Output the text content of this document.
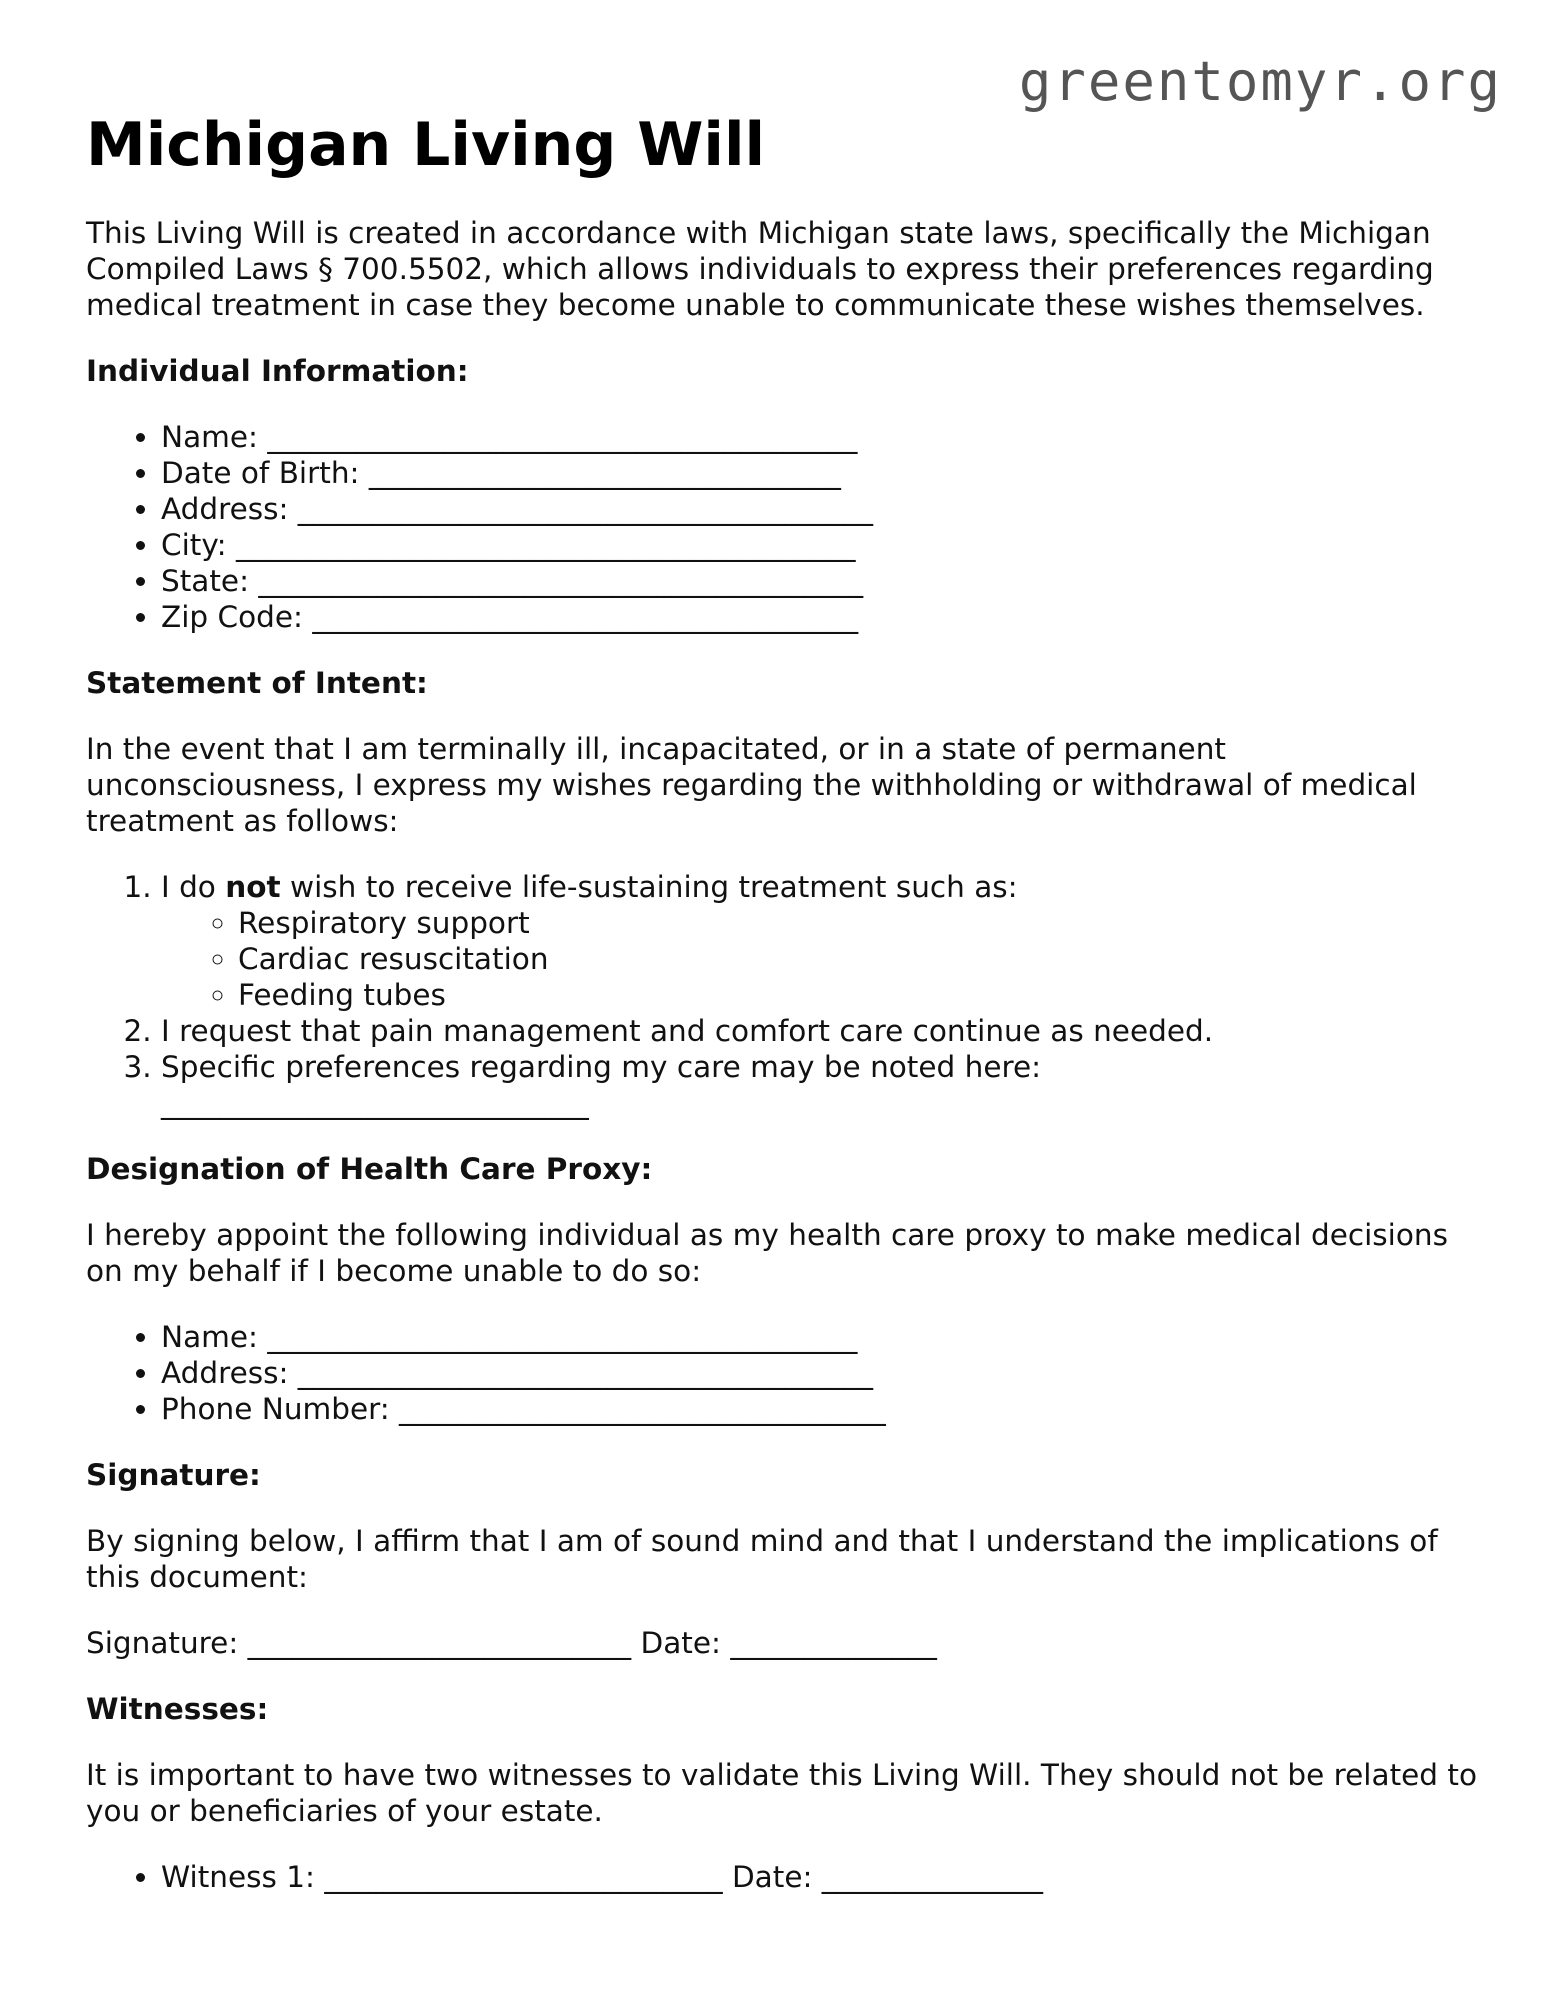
greentomyr.org
Michigan Living Will

This Living Will is created in accordance with Michigan state laws, specifically the Michigan Compiled Laws § 700.5502, which allows individuals to express their preferences regarding medical treatment in case they become unable to communicate these wishes themselves.

Individual Information:

• Name: ________________________________________
• Date of Birth: ________________________________
• Address: _______________________________________
• City: __________________________________________
• State: _________________________________________
• Zip Code: _____________________________________

Statement of Intent:

In the event that I am terminally ill, incapacitated, or in a state of permanent unconsciousness, I express my wishes regarding the withholding or withdrawal of medical treatment as follows:

1. I do not wish to receive life-sustaining treatment such as:
◦ Respiratory support
◦ Cardiac resuscitation
◦ Feeding tubes
2. I request that pain management and comfort care continue as needed.
3. Specific preferences regarding my care may be noted here:
_____________________________

Designation of Health Care Proxy:

I hereby appoint the following individual as my health care proxy to make medical decisions on my behalf if I become unable to do so:

• Name: ________________________________________
• Address: _______________________________________
• Phone Number: _________________________________

Signature:

By signing below, I affirm that I am of sound mind and that I understand the implications of this document:

Signature: __________________________ Date: ______________

Witnesses:

It is important to have two witnesses to validate this Living Will. They should not be related to you or beneficiaries of your estate.

• Witness 1: ___________________________ Date: _______________
